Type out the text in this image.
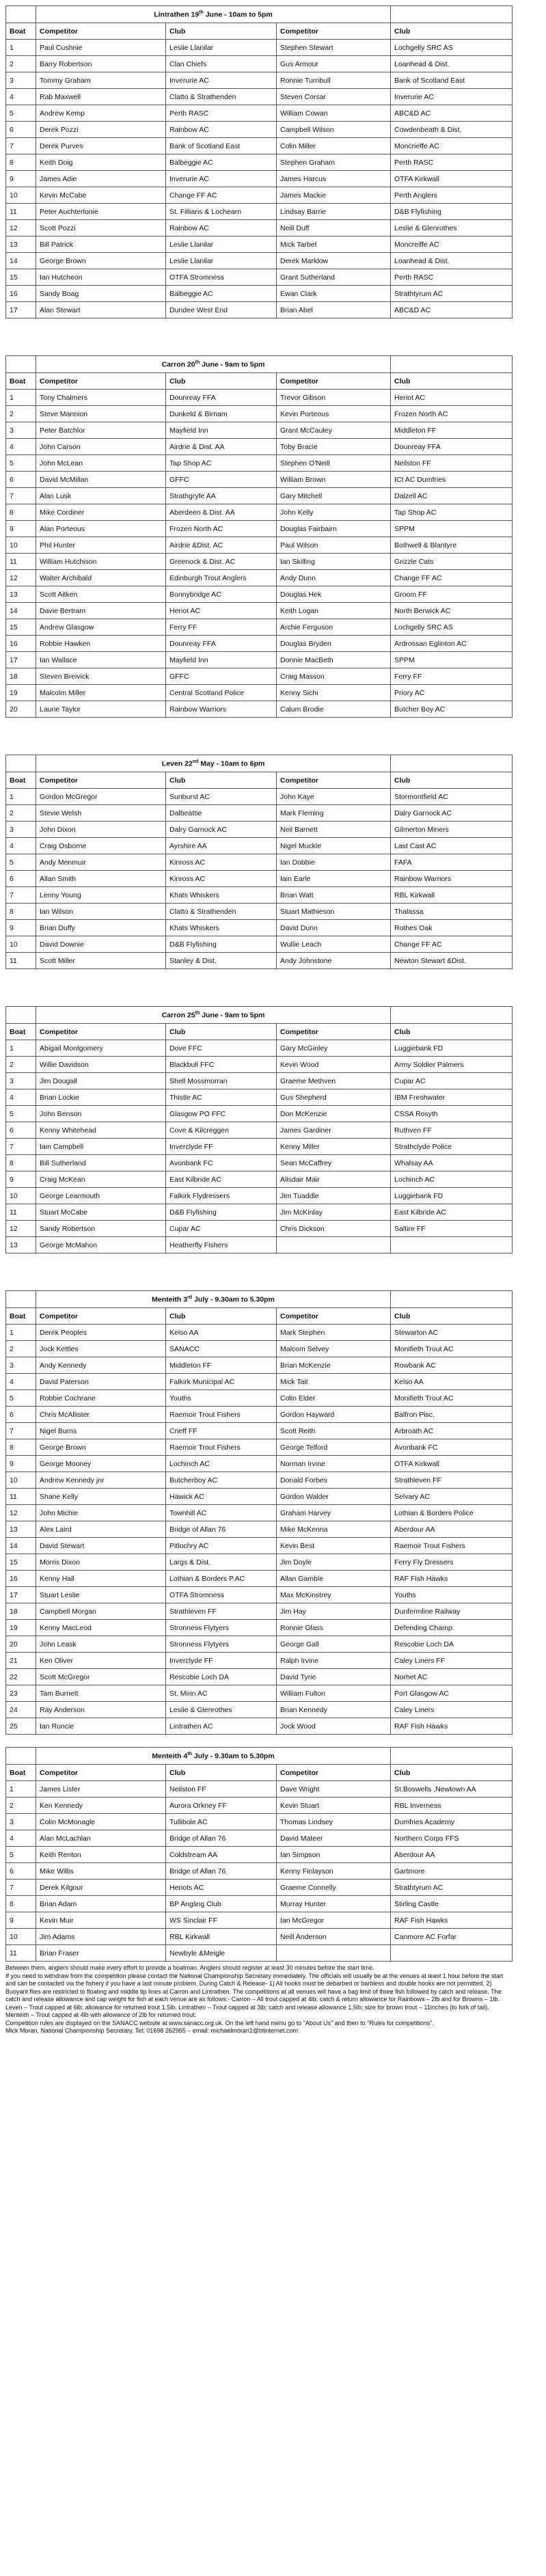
	Lintrathen 19th June - 10am to 5pm			
Boat	Competitor	Club	Competitor	Club
1	Paul Cushnie	Leslie Llanilar	Stephen Stewart	Lochgelly SRC AS
2	Barry Robertson	Clan Chiefs	Gus Armour	Loanhead & Dist.
3	Tommy Graham	Inverurie AC	Ronnie Turnbull	Bank of Scotland East
4	Rab Maxwell	Clatto & Strathenden	Steven Corsar	Inverurie AC
5	Andrew Kemp	Perth RASC	William Cowan	ABC&D AC
6	Derek Pozzi	Rainbow AC	Campbell Wilson	Cowdenbeath & Dist.
7	Derek Purves	Bank of Scotland East	Colin Miller	Moncrieffe AC
8	Keith Doig	Balbeggie AC	Stephen Graham	Perth RASC
9	James Adie	Inverurie AC	James Harcus	OTFA Kirkwall
10	Kevin McCabe	Change FF AC	James Mackie	Perth Anglers
11	Peter Auchterlonie	St. Fillians & Lochearn	Lindsay Barrie	D&B Flyfishing
12	Scott Pozzi	Rainbow AC	Neill Duff	Leslie & Glenrothes
13	Bill Patrick	Leslie Llanilar	Mick Tarbet	Moncreiffe AC
14	George Brown	Leslie Llanilar	Derek Marklow	Loanhead & Dist.
15	Ian Hutcheon	OTFA Stromness	Grant Sutherland	Perth RASC
16	Sandy Boag	Balbeggie AC	Ewan Clark	Strathtyrum AC
17	Alan Stewart	Dundee West End	Brian Abel	ABC&D AC
	Carron 20th June - 9am to 5pm			
Boat	Competitor	Club	Competitor	Club
1	Tony Chalmers	Dounreay FFA	Trevor Gibson	Heriot AC
2	Steve Mannion	Dunkeld & Birnam	Kevin Porteous	Frozen North AC
3	Peter Batchlor	Mayfield Inn	Grant McCauley	Middleton FF
4	John Carson	Airdrie & Dist. AA	Toby Bracie	Dounreay FFA
5	John McLean	Tap Shop AC	Stephen O'Neill	Neilston FF
6	David McMillan	GFFC	William Brown	ICI AC Dumfries
7	Alan Lusk	Strathgryfe AA	Gary Mitchell	Dalzell AC
8	Mike Cordiner	Aberdeen & Dist. AA	John Kelly	Tap Shop AC
9	Alan Porteous	Frozen North AC	Douglas Fairbairn	SPPM
10	Phil Hunter	Airdrie &Dist. AC	Paul Wilson	Bothwell & Blantyre
11	William Hutchison	Greenock & Dist. AC	Ian Skilling	Grizzle Cats
12	Walter Archibald	Edinburgh Trout Anglers	Andy Dunn	Change FF AC
13	Scott Aitken	Bonnybridge AC	Douglas Hek	Groom FF
14	Davie Bertram	Heriot AC	Keith Logan	North Berwick AC
15	Andrew Glasgow	Ferry FF	Archie Ferguson	Lochgelly SRC AS
16	Robbie Hawken	Dounreay FFA	Douglas Bryden	Ardrossan Eglinton AC
17	Ian Wallace	Mayfield Inn	Donnie MacBeth	SPPM
18	Steven Breivick	GFFC	Craig Masson	Ferry FF
19	Malcolm Miller	Central Scotland Police	Kenny Sichi	Priory AC
20	Laurie Taylor	Rainbow Warriors	Calum Brodie	Butcher Boy AC
	Leven 22nd May - 10am to 6pm			
Boat	Competitor	Club	Competitor	Club
1	Gordon McGregor	Sunburst AC	John Kaye	Stormontfield AC
2	Stevie Welsh	Dalbeattie	Mark Fleming	Dalry Garnock AC
3	John Dixon	Dalry Garnock AC	Neil Barnett	Gilmerton Miners
4	Craig Osborne	Ayrshire AA	Nigel Muckle	Last Cast AC
5	Andy Menmuir	Kinross AC	Ian Dobbie	FAFA
6	Allan Smith	Kinross AC	Iain Earle	Rainbow Warriors
7	Lenny Young	Khats Whiskers	Brian Watt	RBL Kirkwall
8	Ian Wilson	Clatto & Strathenden	Stuart Mathieson	Thalassa
9	Brian Duffy	Khats Whiskers	David Dunn	Rothes Oak
10	David Downie	D&B Flyfishing	Wullie Leach	Change FF AC
11	Scott Miller	Stanley & Dist.	Andy Johnstone	Newton Stewart &Dist.
	Carron 25th June - 9am to 5pm			
Boat	Competitor	Club	Competitor	Club
1	Abigail Montgomery	Dove FFC	Gary McGinley	Luggiebank FD
2	Willie Davidson	Blackbull FFC	Kevin Wood	Army Soldier Palmers
3	Jim Dougall	Shell Mossmorran	Graeme Methven	Cupar AC
4	Brian Lockie	Thistle AC	Gus Shepherd	IBM Freshwater
5	John Benson	Glasgow PO FFC	Don McKenzie	CSSA Rosyth
6	Kenny Whitehead	Cove & Kilcreggen	James Gardiner	Ruthven FF
7	Iain Campbell	Inverclyde FF	Kenny Miller	Strathclyde Police
8	Bill Sutherland	Avonbank FC	Sean McCaffrey	Whalsay AA
9	Craig McKean	East Kilbride AC	Alisdair Mair	Lochinch AC
10	George Learmouth	Falkirk Flydressers	Jim Tuaddle	Luggiebank FD
11	Stuart McCabe	D&B Flyfishing	Jim McKinlay	East Kilbride AC
12	Sandy Robertson	Cupar AC	Chris Dickson	Saltire FF
13	George McMahon	Heatherfly Fishers		
	Menteith 3rd July - 9.30am to 5.30pm			
Boat	Competitor	Club	Competitor	Club
1	Derek Peoples	Kelso AA	Mark Stephen	Stewarton AC
2	Jock Kettles	SANACC	Malcom Selvey	Monifieth Trout AC
3	Andy Kennedy	Middleton FF	Brian McKenzie	Rowbank AC
4	David Paterson	Falkirk Municipal AC	Mick Tait	Kelso AA
5	Robbie Cochrane	Youths	Colin Elder	Monifieth Trout AC
6	Chris McAllister	Raemoir Trout Fishers	Gordon Hayward	Balfron Pisc.
7	Nigel Burns	Crieff FF	Scott Reith	Arbroath AC
8	George Brown	Raemoir Trout Fishers	George Telford	Avonbank FC
9	George Mooney	Lochinch AC	Norman Irvine	OTFA Kirkwall
10	Andrew Kennedy jnr	Butcherboy AC	Donald Forbes	Strathleven FF
11	Shane Kelly	Hawick AC	Gordon Walder	Selvary AC
12	John Michie	Townhill AC	Graham Harvey	Lothian & Borders Police
13	Alex Laird	Bridge of Allan 76	Mike McKenna	Aberdour AA
14	David Stewart	Pitlochry AC	Kevin Best	Raemoir Trout Fishers
15	Morris Dixon	Largs & Dist.	Jim Doyle	Ferry Fly Dressers
16	Kenny Hall	Lothian & Borders P.AC	Allan Gamble	RAF Fish Hawks
17	Stuart Leslie	OTFA Stromness	Max McKinstrey	Youths
18	Campbell Morgan	Strathleven FF	Jim Hay	Dunfermline Railway
19	Kenny MacLeod	Stronness Flytyers	Ronnie Glass	Defending Champ.
20	John Leask	Stronness Flytyers	George Gall	Rescobie Loch DA
21	Ken Oliver	Inverclyde FF	Ralph Irvine	Caley Liners FF
22	Scott McGregor	Rescobie Loch DA	David Tyrie	Norhet AC
23	Tam Burnett	St. Mirin AC	William Fulton	Port Glasgow AC
24	Ray Anderson	Leslie & Glenrothes	Brian Kennedy	Caley Liners
25	Ian Runcie	Lintrathen AC	Jock Wood	RAF Fish Hawks
	Menteith 4th July - 9.30am to 5.30pm			
Boat	Competitor	Club	Competitor	Club
1	James Lister	Neilston FF	Dave Wright	St.Boswells ,Newtown AA
2	Ken Kennedy	Aurora Orkney FF	Kevin Stuart	RBL Inverness
3	Colin McMonagle	Tullibole AC	Thomas Lindsey	Dumfries Academy
4	Alan McLachlan	Bridge of Allan 76	David Mateer	Northern Corps FFS
5	Keith Renton	Coldstream AA	Ian Simpson	Aberdour AA
6	Mike Willis	Bridge of Allan 76	Kenny Finlayson	Gartmore
7	Derek Kilgour	Heriots AC	Graeme Connelly	Strathtyrum AC
8	Brian Adam	BP Angling Club	Murray Hunter	Stirling Castle
9	Kevin Muir	WS Sinclair FF	Ian McGregor	RAF Fish Hawks
10	Jim Adams	RBL Kirkwall	Neill Anderson	Canmore AC Forfar
11	Brian Fraser	Newbyle &Meigle		

Between them, anglers should make every effort to provide a boatman. Anglers should register at least 30 minutes before the start time.

If you need to withdraw from the competition please contact the National Championship Secretary immediately. The officials will usually be at the venues at least 1 hour before the start and can be contacted via the fishery if you have a last minute problem. During Catch & Release- 1) All hooks must be debarbed or barbless and double hooks are not permitted. 2) Buoyant flies are restricted to floating and middle tip lines at Carron and Lintrathen. The competitions at all venues will have a bag limit of three fish followed by catch and release. The catch and release allowance and cap weight for fish at each venue are as follows:- Carron – All trout capped at 4lb; catch & return allowance for Rainbows – 2lb and for Browns – 1lb. Leven – Trout capped at 6lb; allowance for returned trout 1.5lb. Lintrathen – Trout capped at 3lb; catch and release allowance 1.5lb; size for brown trout – 11inches (to fork of tail). Menteith – Trout capped at 4lb with allowance of 2lb for returned trout.

Competition rules are displayed on the SANACC website at www.sanacc.org.uk. On the left hand menu go to "About Us" and then to "Rules for competitions".

Mick Moran, National Championship Secretary. Tel: 01698 262965 – email: michaelmoran1@btinternet.com
